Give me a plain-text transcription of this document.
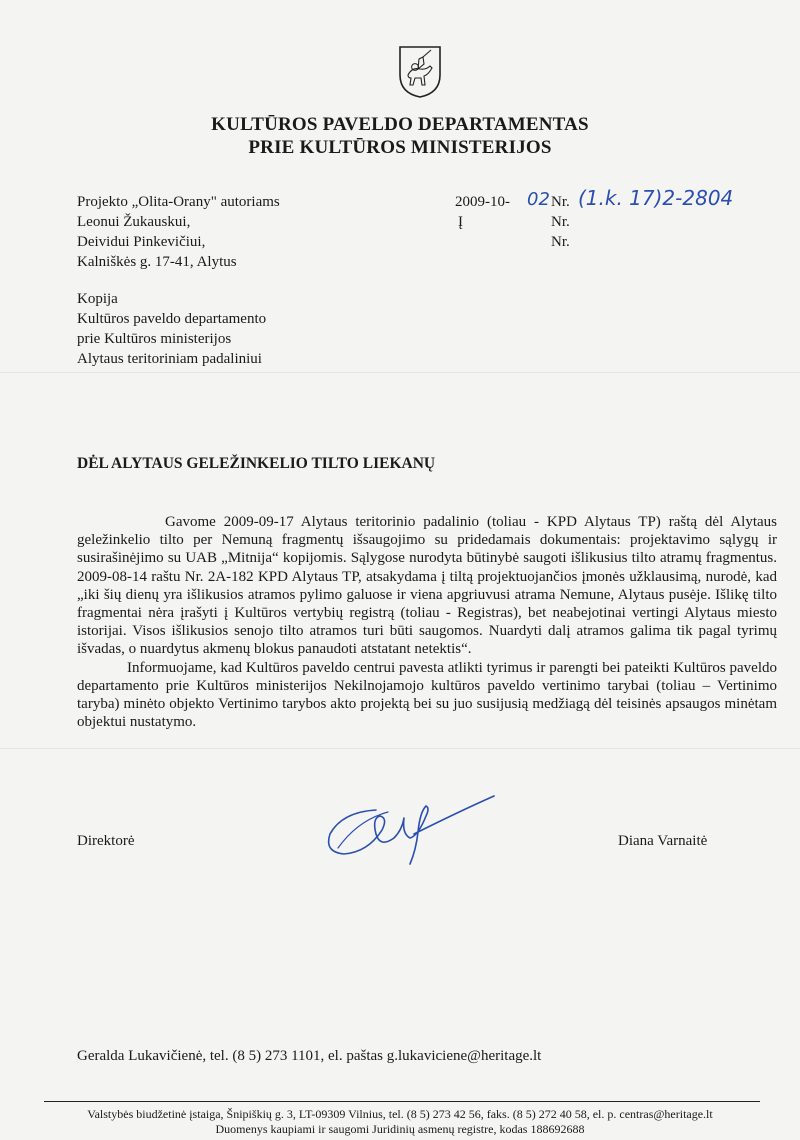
KULTŪROS PAVELDO DEPARTAMENTAS
PRIE KULTŪROS MINISTERIJOS
Projekto „Olita-Orany" autoriams
Leonui Žukauskui,
Deividui Pinkevičiui,
Kalniškės g. 17-41, Alytus
2009-10- 02 Nr. (1.k. 17)2-2804
Į	Nr.
Nr.
Kopija
Kultūros paveldo departamento
prie Kultūros ministerijos
Alytaus teritoriniam padaliniui
DĖL ALYTAUS GELEŽINKELIO TILTO LIEKANŲ

Gavome 2009-09-17 Alytaus teritorinio padalinio (toliau - KPD Alytaus TP) raštą dėl Alytaus geležinkelio tilto per Nemuną fragmentų išsaugojimo su pridedamais dokumentais: projektavimo sąlygų ir susirašinėjimo su UAB „Mitnija“ kopijomis. Sąlygose nurodyta būtinybė saugoti išlikusius tilto atramų fragmentus. 2009-08-14 raštu Nr. 2A-182 KPD Alytaus TP, atsakydama į tiltą projektuojančios įmonės užklausimą, nurodė, kad „iki šių dienų yra išlikusios atramos pylimo galuose ir viena apgriuvusi atrama Nemune, Alytaus pusėje. Išlikę tilto fragmentai nėra įrašyti į Kultūros vertybių registrą (toliau - Registras), bet neabejotinai vertingi Alytaus miesto istorijai. Visos išlikusios senojo tilto atramos turi būti saugomos. Nuardyti dalį atramos galima tik pagal tyrimų išvadas, o nuardytus akmenų blokus panaudoti atstatant netektis“.

Informuojame, kad Kultūros paveldo centrui pavesta atlikti tyrimus ir parengti bei pateikti Kultūros paveldo departamento prie Kultūros ministerijos Nekilnojamojo kultūros paveldo vertinimo tarybai (toliau – Vertinimo taryba) minėto objekto Vertinimo tarybos akto projektą bei su juo susijusią medžiagą dėl teisinės apsaugos minėtam objektui nustatymo.

Direktorė	Diana Varnaitė
Geralda Lukavičienė, tel. (8 5) 273 1101, el. paštas g.lukaviciene@heritage.lt
Valstybės biudžetinė įstaiga, Šnipiškių g. 3, LT-09309 Vilnius, tel. (8 5) 273 42 56, faks. (8 5) 272 40 58, el. p. centras@heritage.lt
Duomenys kaupiami ir saugomi Juridinių asmenų registre, kodas 188692688
